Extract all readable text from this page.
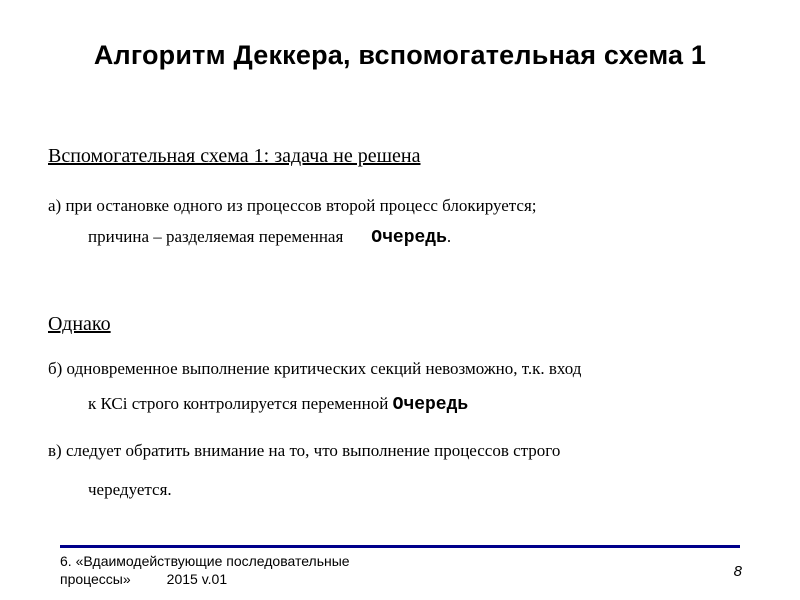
Алгоритм Деккера, вспомогательная схема 1
Вспомогательная схема 1: задача не решена
а) при остановке одного из процессов второй процесс блокируется;
причина – разделяемая переменная Очередь.
Однако
б) одновременное выполнение критических секций невозможно, т.к. вход
к КСi строго контролируется переменной Очередь
в) следует обратить внимание на то, что выполнение процессов строго
чередуется.
6. «Вдаимодействующие последовательные
процессы»	2015 v.01	8
